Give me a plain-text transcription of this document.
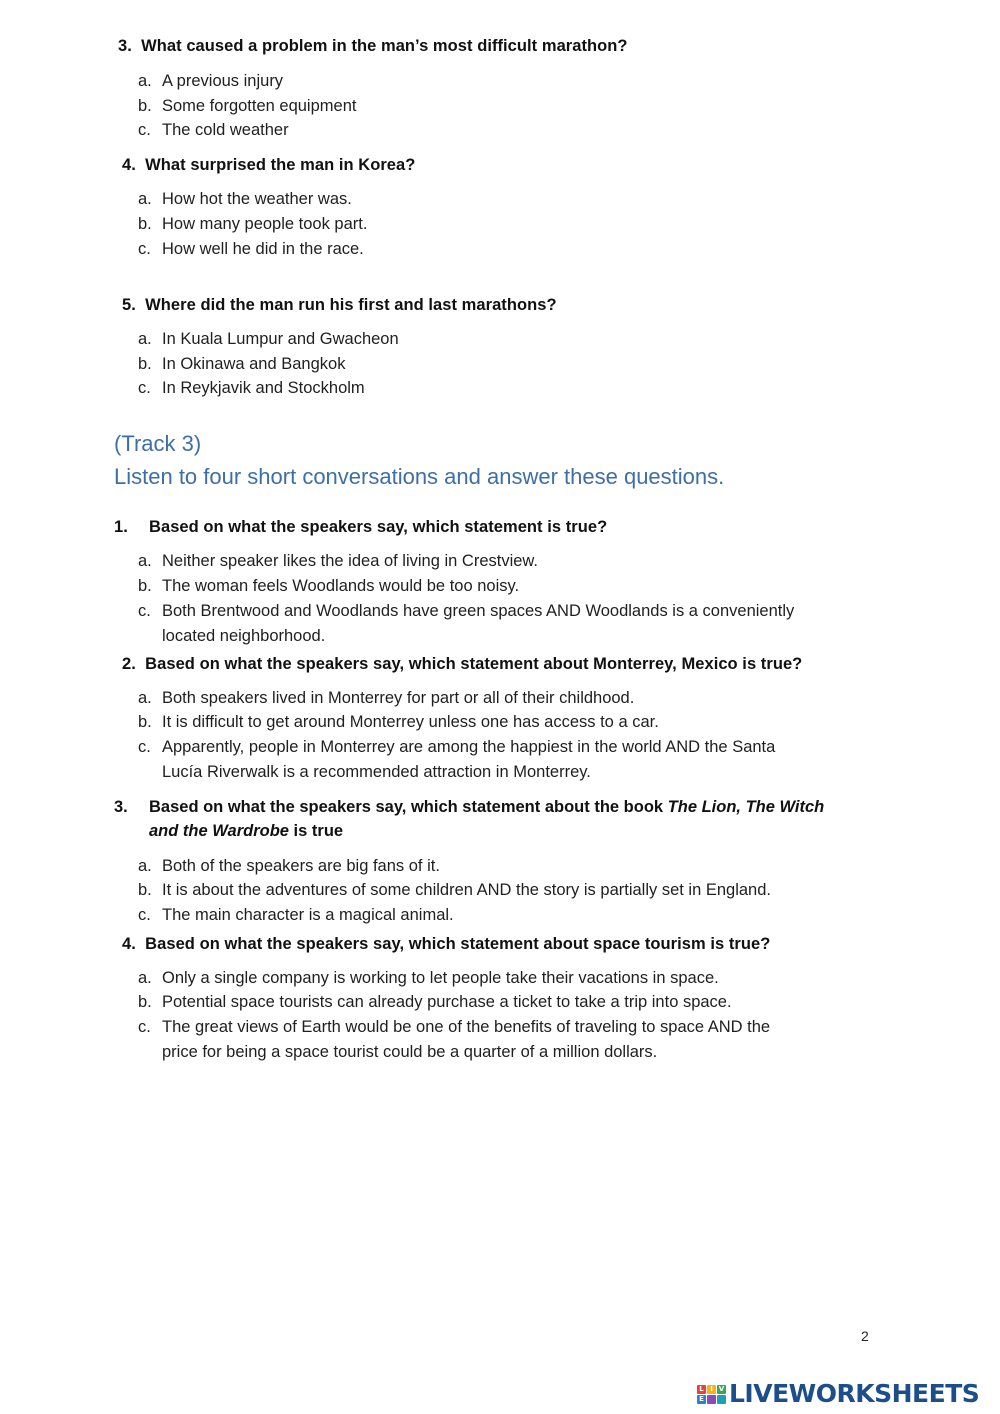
3. What caused a problem in the man’s most difficult marathon?
a. A previous injury
b. Some forgotten equipment
c. The cold weather
4. What surprised the man in Korea?
a. How hot the weather was.
b. How many people took part.
c. How well he did in the race.
5. Where did the man run his first and last marathons?
a. In Kuala Lumpur and Gwacheon
b. In Okinawa and Bangkok
c. In Reykjavik and Stockholm
(Track 3)
Listen to four short conversations and answer these questions.
1. Based on what the speakers say, which statement is true?
a. Neither speaker likes the idea of living in Crestview.
b. The woman feels Woodlands would be too noisy.
c. Both Brentwood and Woodlands have green spaces AND Woodlands is a conveniently
located neighborhood.
2. Based on what the speakers say, which statement about Monterrey, Mexico is true?
a. Both speakers lived in Monterrey for part or all of their childhood.
b. It is difficult to get around Monterrey unless one has access to a car.
c. Apparently, people in Monterrey are among the happiest in the world AND the Santa
Lucía Riverwalk is a recommended attraction in Monterrey.
3. Based on what the speakers say, which statement about the book The Lion, The Witch
and the Wardrobe is true
a. Both of the speakers are big fans of it.
b. It is about the adventures of some children AND the story is partially set in England.
c. The main character is a magical animal.
4. Based on what the speakers say, which statement about space tourism is true?
a. Only a single company is working to let people take their vacations in space.
b. Potential space tourists can already purchase a ticket to take a trip into space.
c. The great views of Earth would be one of the benefits of traveling to space AND the
price for being a space tourist could be a quarter of a million dollars.
2
L I V
E LIVEWORKSHEETS
